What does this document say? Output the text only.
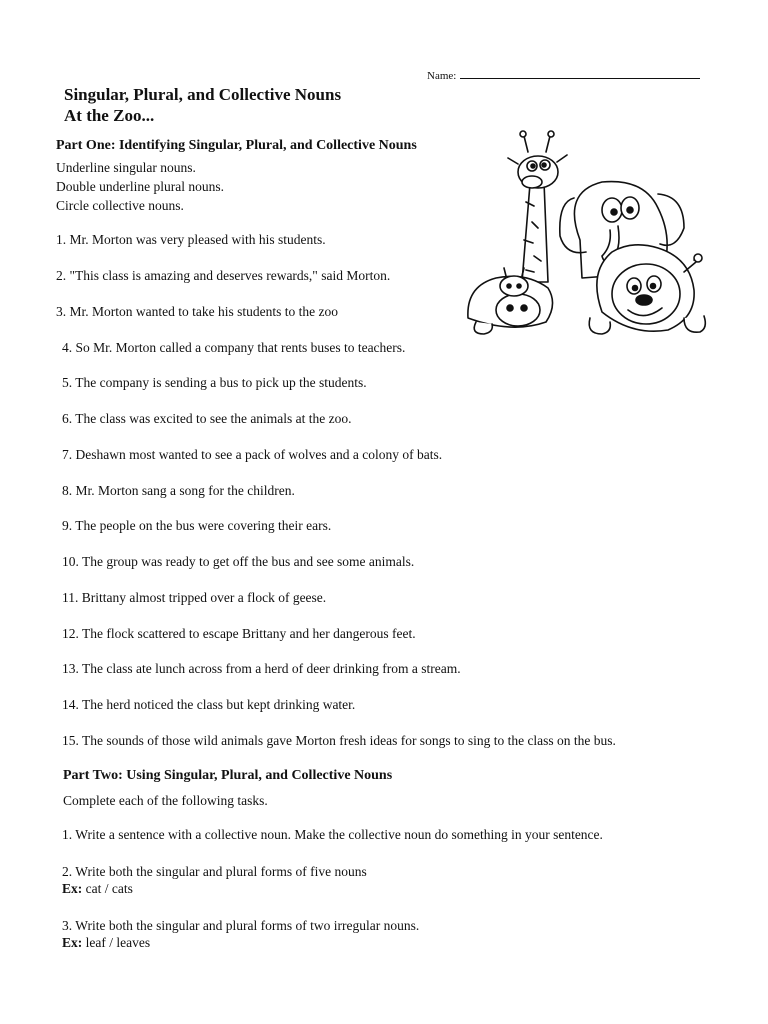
Name:
Singular, Plural, and Collective Nouns
At the Zoo...
Part One: Identifying Singular, Plural, and Collective Nouns
Underline singular nouns.
Double underline plural nouns.
Circle collective nouns.
1. Mr. Morton was very pleased with his students.
2. "This class is amazing and deserves rewards," said Morton.
3. Mr. Morton wanted to take his students to the zoo
4. So Mr. Morton called a company that rents buses to teachers.
5. The company is sending a bus to pick up the students.
6. The class was excited to see the animals at the zoo.
7. Deshawn most wanted to see a pack of wolves and a colony of bats.
8. Mr. Morton sang a song for the children.
9. The people on the bus were covering their ears.
10. The group was ready to get off the bus and see some animals.
11. Brittany almost tripped over a flock of geese.
12. The flock scattered to escape Brittany and her dangerous feet.
13. The class ate lunch across from a herd of deer drinking from a stream.
14. The herd noticed the class but kept drinking water.
15. The sounds of those wild animals gave Morton fresh ideas for songs to sing to the class on the bus.
Part Two: Using Singular, Plural, and Collective Nouns
Complete each of the following tasks.
1. Write a sentence with a collective noun. Make the collective noun do something in your sentence.
2. Write both the singular and plural forms of five nouns
Ex: cat / cats
3. Write both the singular and plural forms of two irregular nouns.
Ex: leaf / leaves
